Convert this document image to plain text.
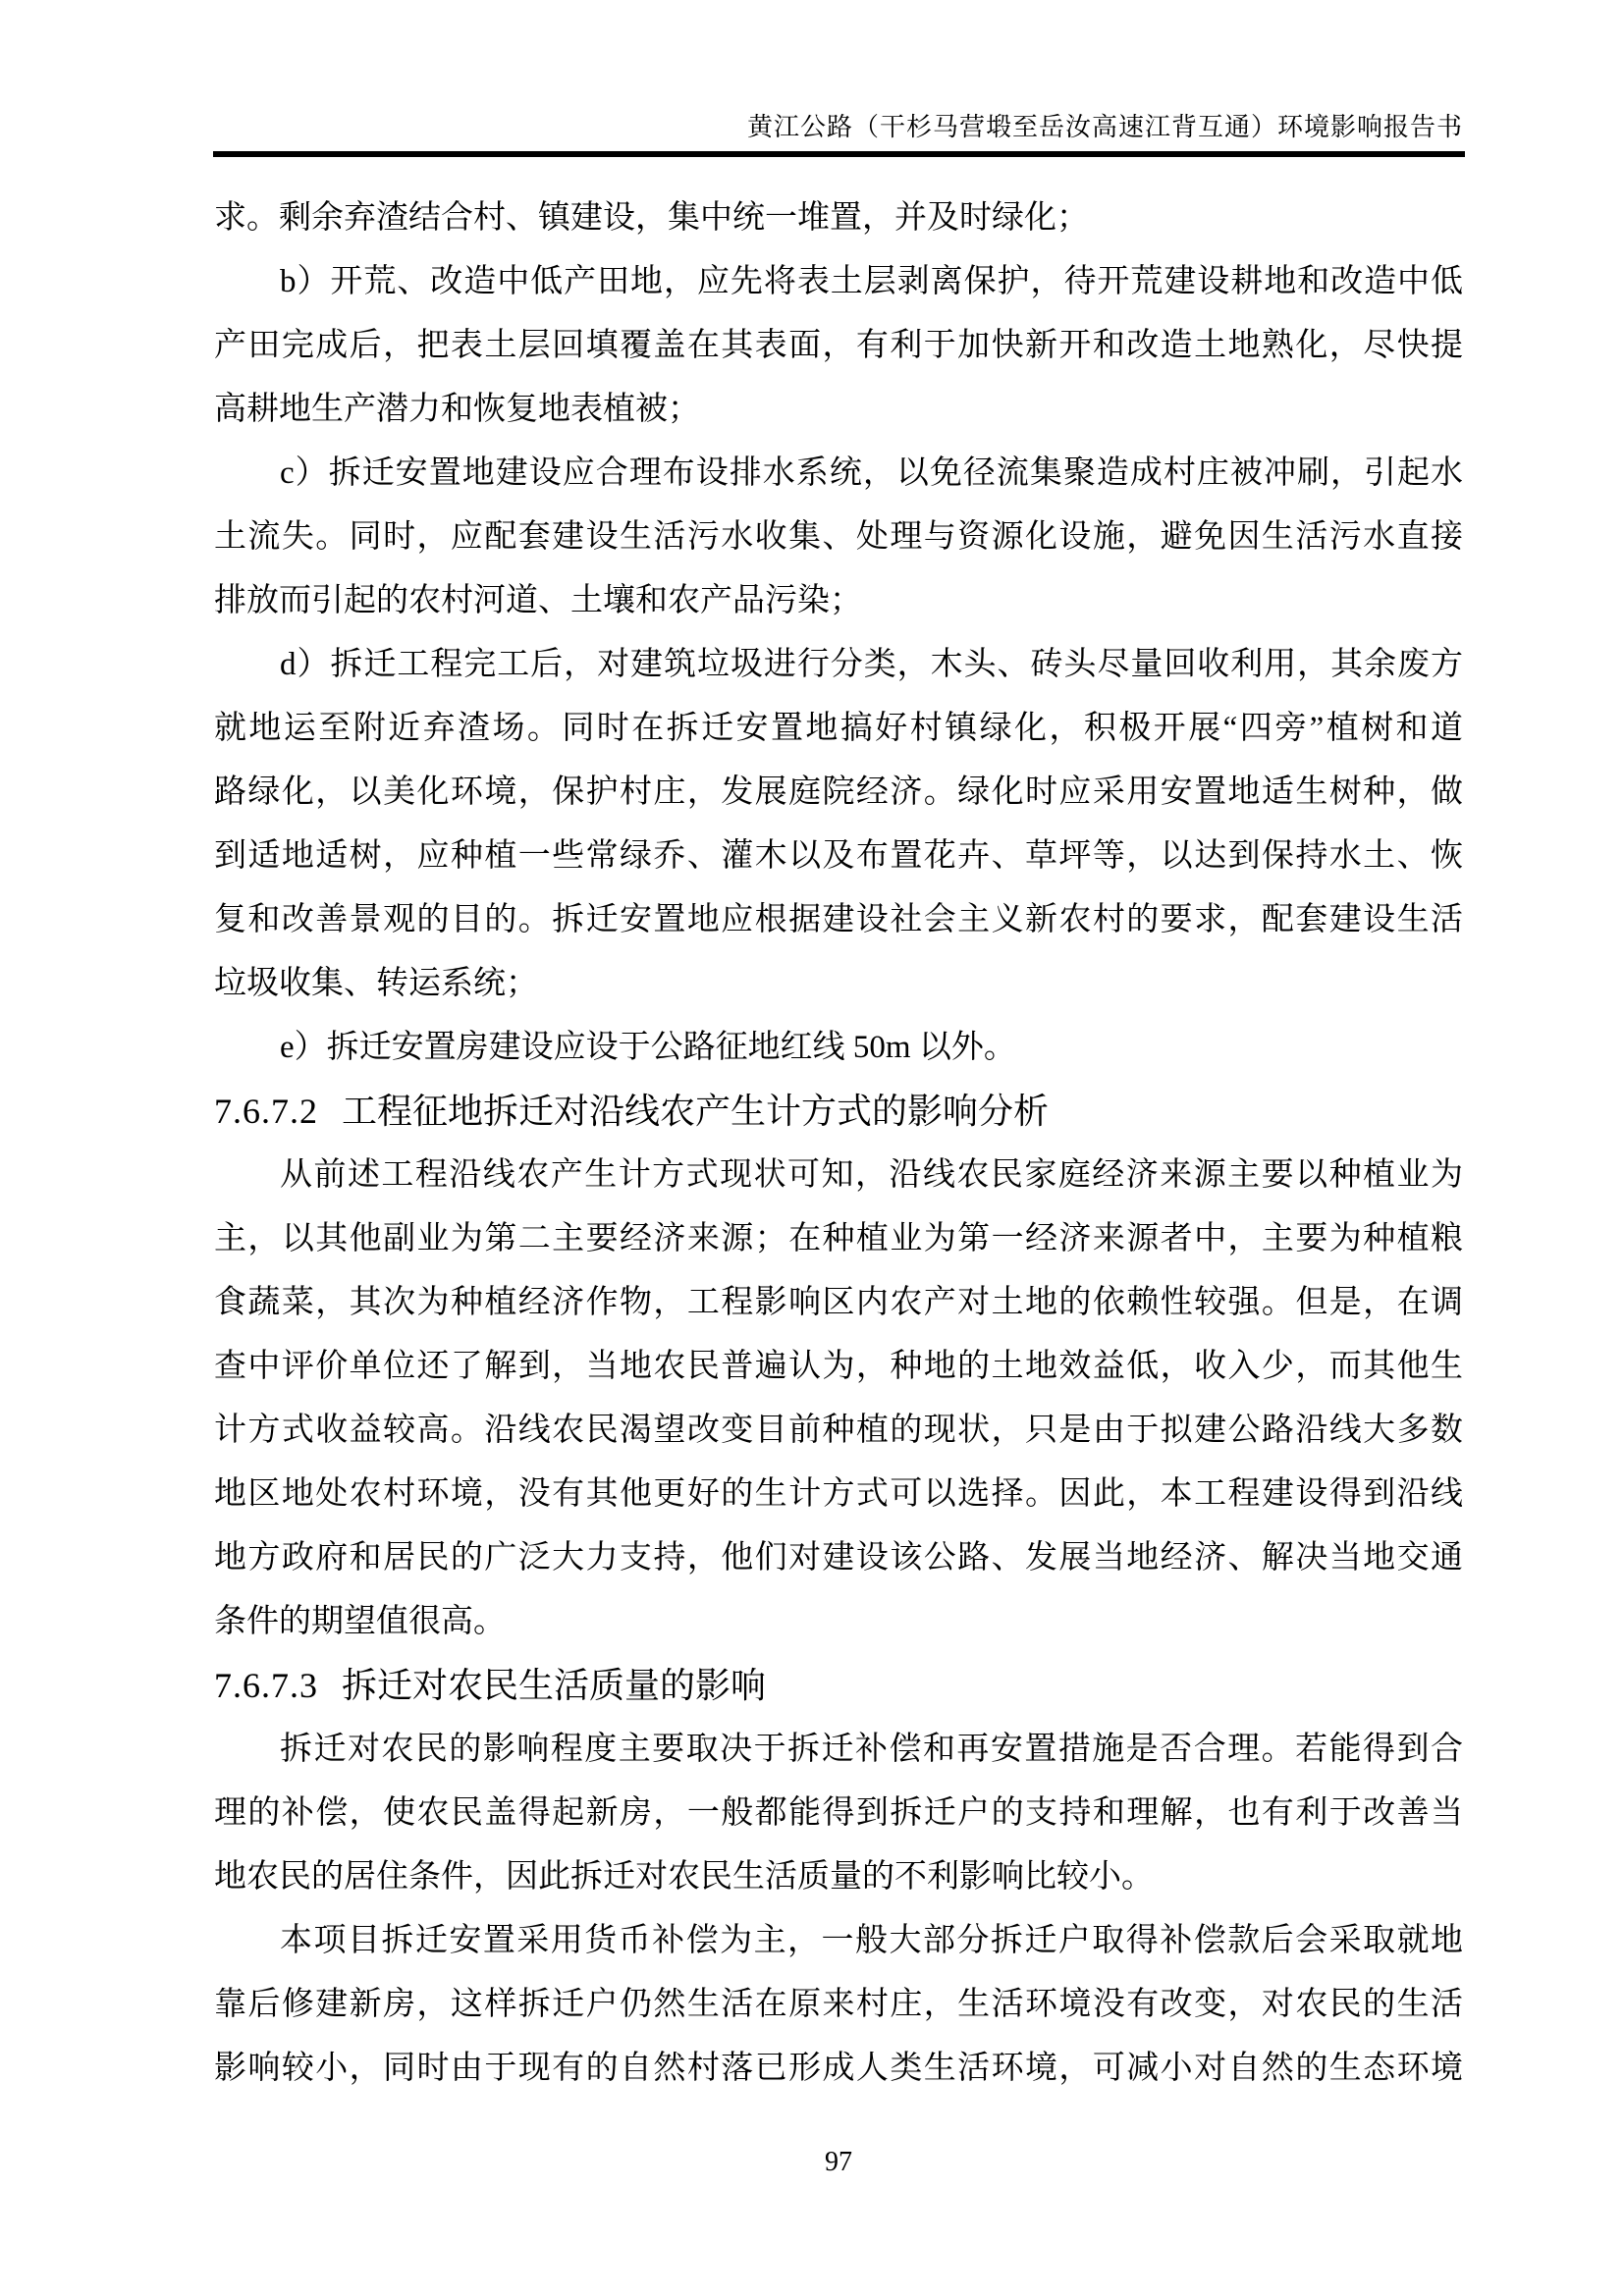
黄江公路（干杉马营塅至岳汝高速江背互通）环境影响报告书
求。剩余弃渣结合村、镇建设，集中统一堆置，并及时绿化；
b）开荒、改造中低产田地，应先将表土层剥离保护，待开荒建设耕地和改造中低
产田完成后，把表土层回填覆盖在其表面，有利于加快新开和改造土地熟化，尽快提
高耕地生产潜力和恢复地表植被；
c）拆迁安置地建设应合理布设排水系统，以免径流集聚造成村庄被冲刷，引起水
土流失。同时，应配套建设生活污水收集、处理与资源化设施，避免因生活污水直接
排放而引起的农村河道、土壤和农产品污染；
d）拆迁工程完工后，对建筑垃圾进行分类，木头、砖头尽量回收利用，其余废方
就地运至附近弃渣场。同时在拆迁安置地搞好村镇绿化，积极开展“四旁”植树和道
路绿化，以美化环境，保护村庄，发展庭院经济。绿化时应采用安置地适生树种，做
到适地适树，应种植一些常绿乔、灌木以及布置花卉、草坪等，以达到保持水土、恢
复和改善景观的目的。拆迁安置地应根据建设社会主义新农村的要求，配套建设生活
垃圾收集、转运系统；
e）拆迁安置房建设应设于公路征地红线 50m 以外。
7.6.7.2 工程征地拆迁对沿线农产生计方式的影响分析
从前述工程沿线农产生计方式现状可知，沿线农民家庭经济来源主要以种植业为
主，以其他副业为第二主要经济来源；在种植业为第一经济来源者中，主要为种植粮
食蔬菜，其次为种植经济作物，工程影响区内农产对土地的依赖性较强。但是，在调
查中评价单位还了解到，当地农民普遍认为，种地的土地效益低，收入少，而其他生
计方式收益较高。沿线农民渴望改变目前种植的现状，只是由于拟建公路沿线大多数
地区地处农村环境，没有其他更好的生计方式可以选择。因此，本工程建设得到沿线
地方政府和居民的广泛大力支持，他们对建设该公路、发展当地经济、解决当地交通
条件的期望值很高。
7.6.7.3 拆迁对农民生活质量的影响
拆迁对农民的影响程度主要取决于拆迁补偿和再安置措施是否合理。若能得到合
理的补偿，使农民盖得起新房，一般都能得到拆迁户的支持和理解，也有利于改善当
地农民的居住条件，因此拆迁对农民生活质量的不利影响比较小。
本项目拆迁安置采用货币补偿为主，一般大部分拆迁户取得补偿款后会采取就地
靠后修建新房，这样拆迁户仍然生活在原来村庄，生活环境没有改变，对农民的生活
影响较小，同时由于现有的自然村落已形成人类生活环境，可减小对自然的生态环境
97
